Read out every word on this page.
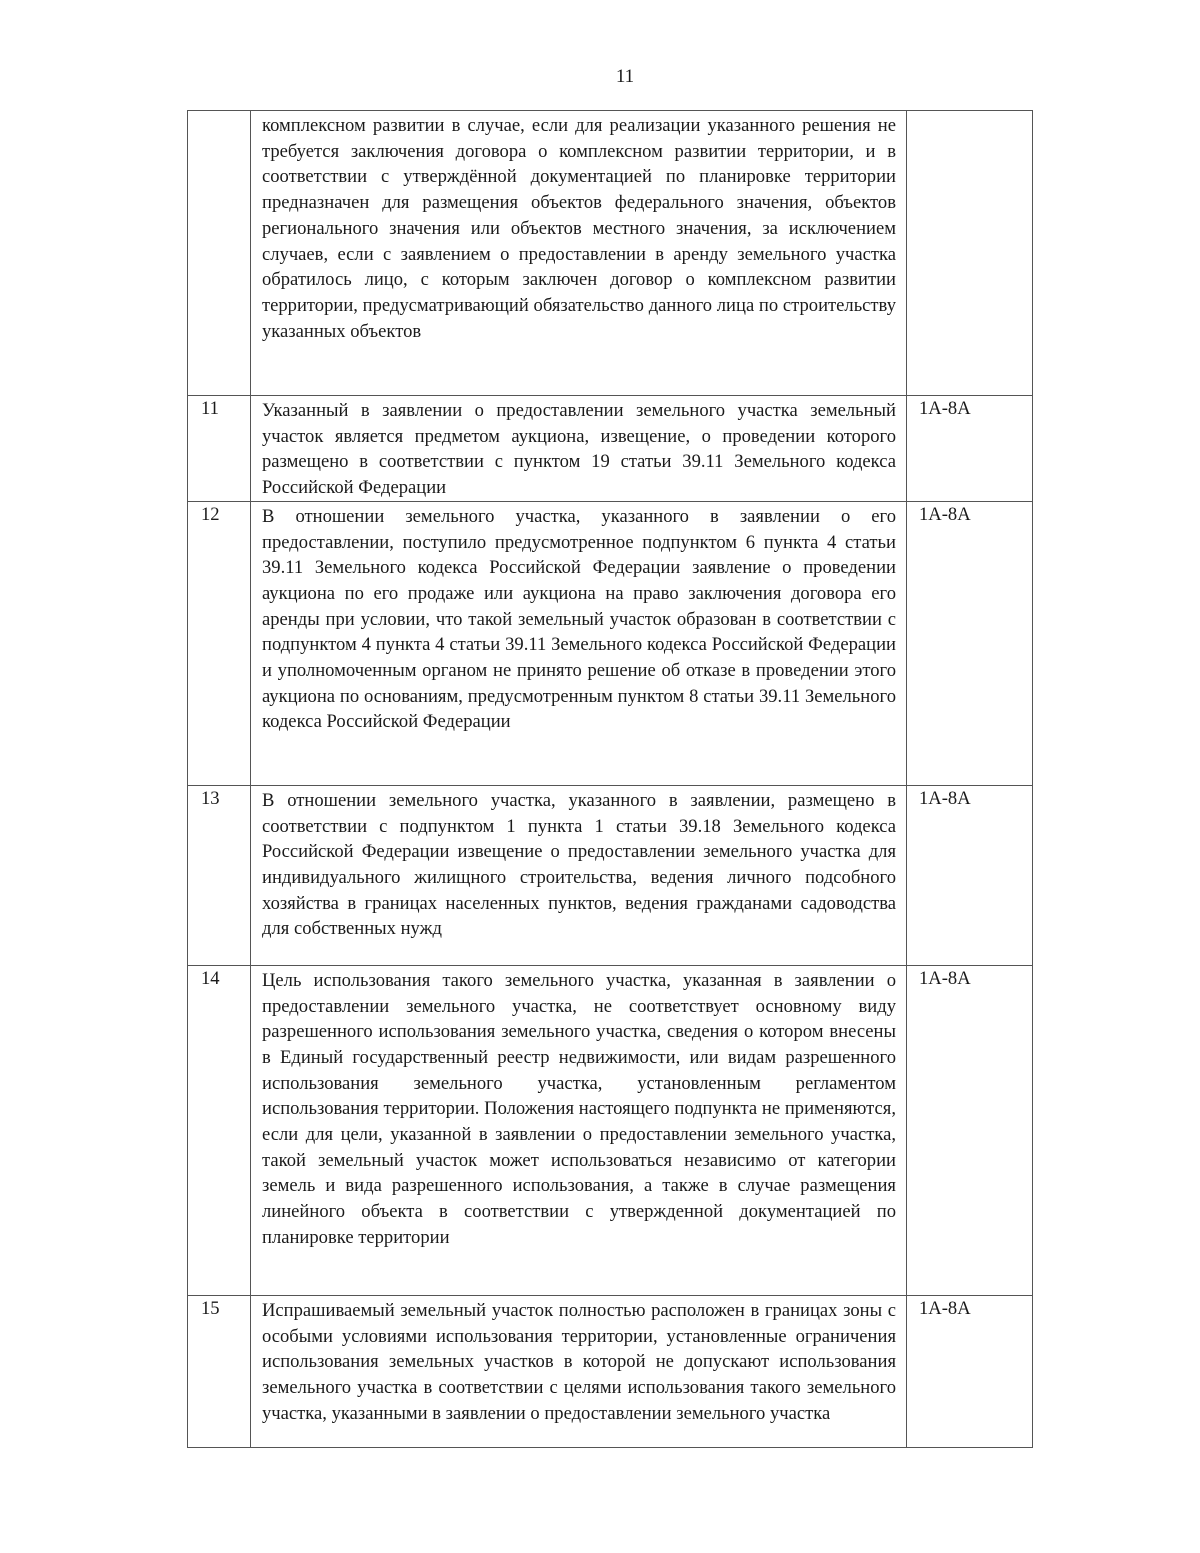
11
	комплексном развитии в случае, если для реализации указанного решения не требуется заключения договора о комплексном развитии территории, и в соответствии с утверждённой документацией по планировке территории предназначен для размещения объектов федерального значения, объектов регионального значения или объектов местного значения, за исключением случаев, если с заявлением о предоставлении в аренду земельного участка обратилось лицо, с которым заключен договор о комплексном развитии территории, предусматривающий обязательство данного лица по строительству указанных объектов	
11	Указанный в заявлении о предоставлении земельного участка земельный участок является предметом аукциона, извещение, о проведении которого размещено в соответствии с пунктом 19 статьи 39.11 Земельного кодекса Российской Федерации	1А-8А
12	В отношении земельного участка, указанного в заявлении о его предоставлении, поступило предусмотренное подпунктом 6 пункта 4 статьи 39.11 Земельного кодекса Российской Федерации заявление о проведении аукциона по его продаже или аукциона на право заключения договора его аренды при условии, что такой земельный участок образован в соответствии с подпунктом 4 пункта 4 статьи 39.11 Земельного кодекса Российской Федерации и уполномоченным органом не принято решение об отказе в проведении этого аукциона по основаниям, предусмотренным пунктом 8 статьи 39.11 Земельного кодекса Российской Федерации	1А-8А
13	В отношении земельного участка, указанного в заявлении, размещено в соответствии с подпунктом 1 пункта 1 статьи 39.18 Земельного кодекса Российской Федерации извещение о предоставлении земельного участка для индивидуального жилищного строительства, ведения личного подсобного хозяйства в границах населенных пунктов, ведения гражданами садоводства для собственных нужд	1А-8А
14	Цель использования такого земельного участка, указанная в заявлении о предоставлении земельного участка, не соответствует основному виду разрешенного использования земельного участка, сведения о котором внесены в Единый государственный реестр недвижимости, или видам разрешенного использования земельного участка, установленным регламентом использования территории. Положения настоящего подпункта не применяются, если для цели, указанной в заявлении о предоставлении земельного участка, такой земельный участок может использоваться независимо от категории земель и вида разрешенного использования, а также в случае размещения линейного объекта в соответствии с утвержденной документацией по планировке территории	1А-8А
15	Испрашиваемый земельный участок полностью расположен в границах зоны с особыми условиями использования территории, установленные ограничения использования земельных участков в которой не допускают использования земельного участка в соответствии с целями использования такого земельного участка, указанными в заявлении о предоставлении земельного участка	1А-8А
